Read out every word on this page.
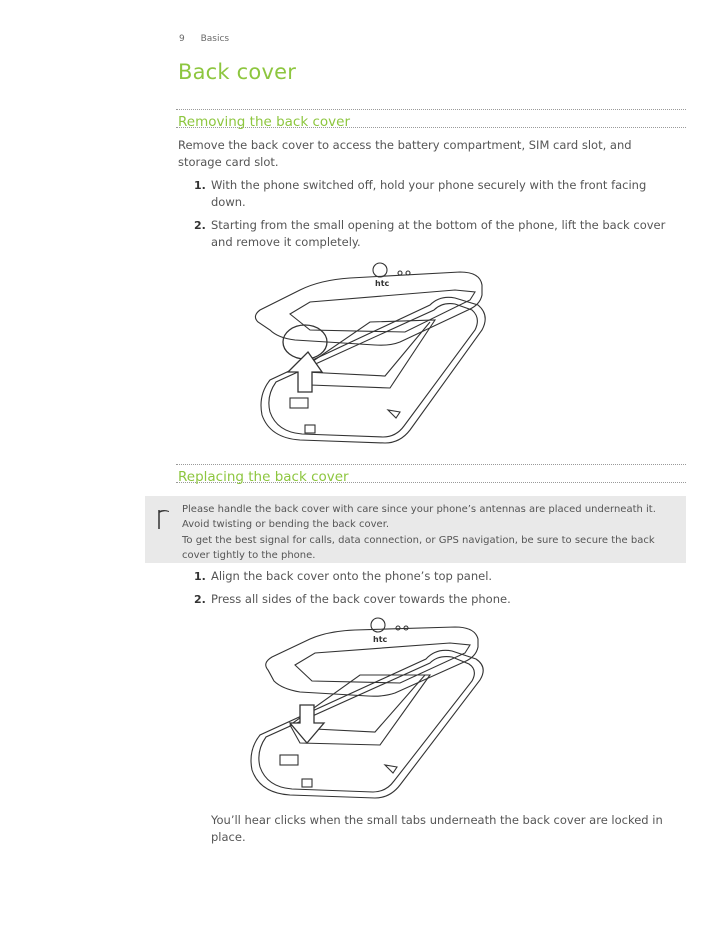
9 Basics
Back cover
Removing the back cover
Remove the back cover to access the battery compartment, SIM card slot, and storage card slot.
1. With the phone switched off, hold your phone securely with the front facing down.
2. Starting from the small opening at the bottom of the phone, lift the back cover and remove it completely.
htc
Replacing the back cover
Please handle the back cover with care since your phone’s antennas are placed underneath it. Avoid twisting or bending the back cover.
To get the best signal for calls, data connection, or GPS navigation, be sure to secure the back cover tightly to the phone.
1. Align the back cover onto the phone’s top panel.
2. Press all sides of the back cover towards the phone.
htc
You’ll hear clicks when the small tabs underneath the back cover are locked in place.
